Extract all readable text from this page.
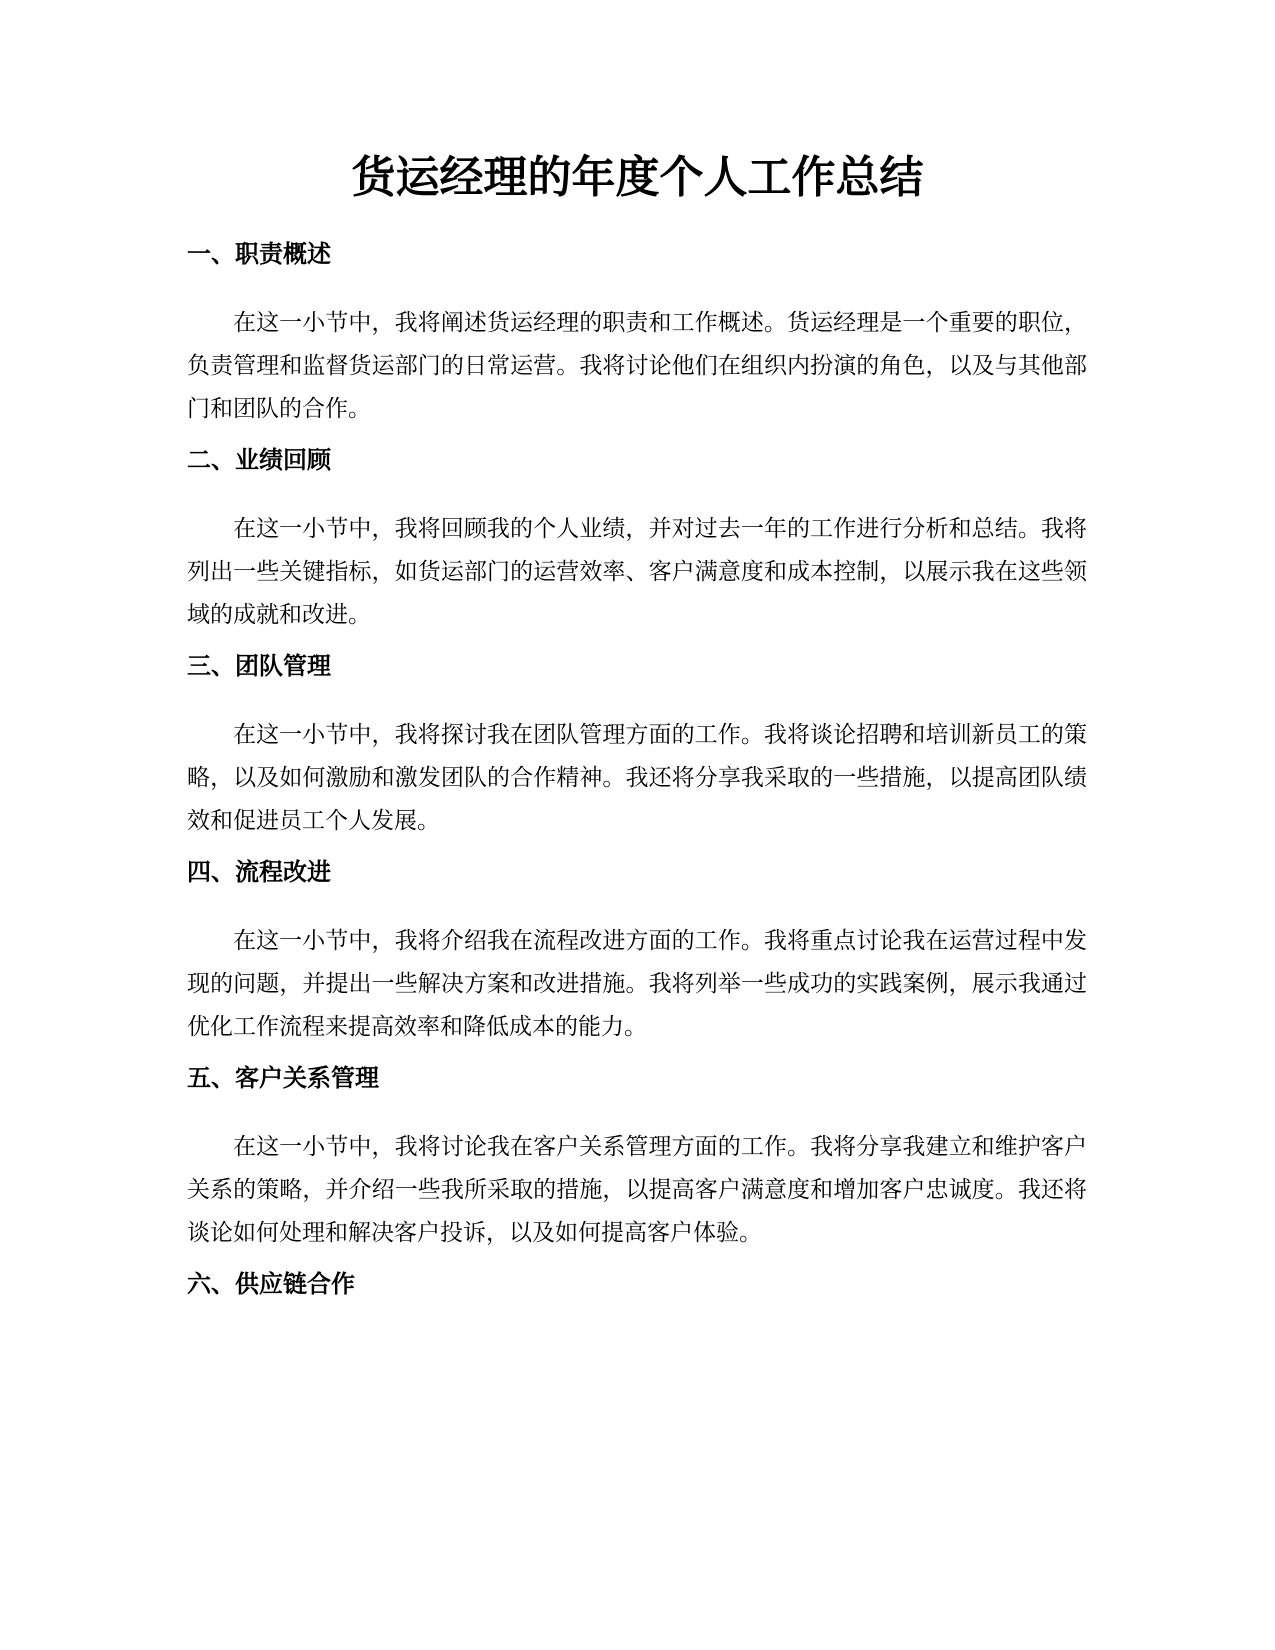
货运经理的年度个人工作总结
一、职责概述

在这一小节中，我将阐述货运经理的职责和工作概述。货运经理是一个重要的职位，负责管理和监督货运部门的日常运营。我将讨论他们在组织内扮演的角色，以及与其他部门和团队的合作。

二、业绩回顾

在这一小节中，我将回顾我的个人业绩，并对过去一年的工作进行分析和总结。我将列出一些关键指标，如货运部门的运营效率、客户满意度和成本控制，以展示我在这些领域的成就和改进。

三、团队管理

在这一小节中，我将探讨我在团队管理方面的工作。我将谈论招聘和培训新员工的策略，以及如何激励和激发团队的合作精神。我还将分享我采取的一些措施，以提高团队绩效和促进员工个人发展。

四、流程改进

在这一小节中，我将介绍我在流程改进方面的工作。我将重点讨论我在运营过程中发现的问题，并提出一些解决方案和改进措施。我将列举一些成功的实践案例，展示我通过优化工作流程来提高效率和降低成本的能力。

五、客户关系管理

在这一小节中，我将讨论我在客户关系管理方面的工作。我将分享我建立和维护客户关系的策略，并介绍一些我所采取的措施，以提高客户满意度和增加客户忠诚度。我还将谈论如何处理和解决客户投诉，以及如何提高客户体验。

六、供应链合作
